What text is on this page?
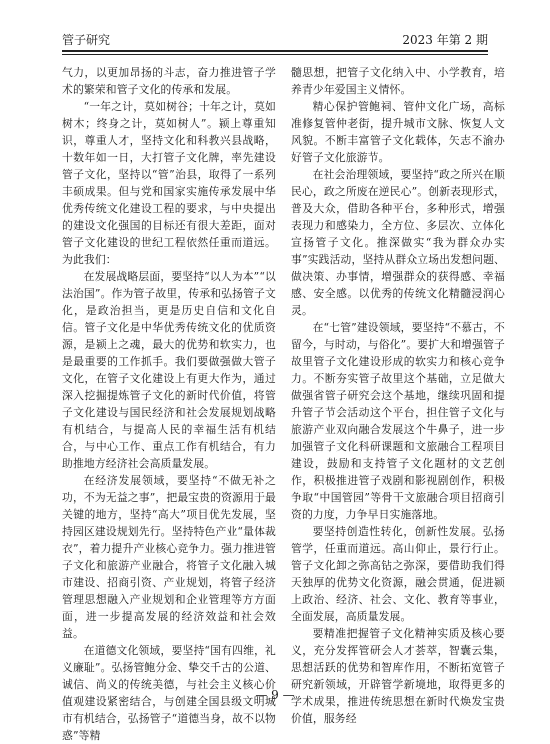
管子研究	2023 年第 2 期

气力，以更加昂扬的斗志，奋力推进管子学术的繁荣和管子文化的传承和发展。

“一年之计，莫如树谷；十年之计，莫如树木；终身之计，莫如树人”。颍上尊重知识，尊重人才，坚持文化和科教兴县战略，十数年如一日，大打管子文化牌，率先建设管子文化，坚持以“管”治县，取得了一系列丰硕成果。但与党和国家实施传承发展中华优秀传统文化建设工程的要求，与中央提出的建设文化强国的目标还有很大差距，面对管子文化建设的世纪工程依然任重而道远。为此我们：

在发展战略层面，要坚持“以人为本”“以法治国”。作为管子故里，传承和弘扬管子文化，是政治担当，更是历史自信和文化自信。管子文化是中华优秀传统文化的优质资源，是颍上之魂，最大的优势和软实力，也是最重要的工作抓手。我们要做强做大管子文化，在管子文化建设上有更大作为，通过深入挖掘提炼管子文化的新时代价值，将管子文化建设与国民经济和社会发展规划战略有机结合，与提高人民的幸福生活有机结合，与中心工作、重点工作有机结合，有力助推地方经济社会高质量发展。

在经济发展领域，要坚持“不做无补之功，不为无益之事”，把最宝贵的资源用于最关键的地方，坚持“高大”项目优先发展，坚持园区建设规划先行。坚持特色产业“量体裁衣”，着力提升产业核心竞争力。强力推进管子文化和旅游产业融合，将管子文化融入城市建设、招商引资、产业规划，将管子经济管理思想融入产业规划和企业管理等方方面面，进一步提高发展的经济效益和社会效益。

在道德文化领域，要坚持“国有四维，礼义廉耻”。弘扬管鲍分金、挚交千古的公道、诚信、尚义的传统美德，与社会主义核心价值观建设紧密结合，与创建全国县级文明城市有机结合，弘扬管子“道德当身，故不以物惑”等精

髓思想，把管子文化纳入中、小学教育，培养青少年爱国主义情怀。

精心保护管鲍祠、管仲文化广场，高标准修复管仲老街，提升城市文脉、恢复人文风貌。不断丰富管子文化载体，矢志不渝办好管子文化旅游节。

在社会治理领域，要坚持“政之所兴在顺民心，政之所废在逆民心”。创新表现形式，普及大众，借助各种平台，多种形式，增强表现力和感染力，全方位、多层次、立体化宣扬管子文化。推深做实“我为群众办实事”实践活动，坚持从群众立场出发想问题、做决策、办事情，增强群众的获得感、幸福感、安全感。以优秀的传统文化精髓浸润心灵。

在“七管”建设领域，要坚持“不慕古，不留今，与时动，与俗化”。要扩大和增强管子故里管子文化建设形成的软实力和核心竞争力。不断夯实管子故里这个基础，立足做大做强省管子研究会这个基地，继续巩固和提升管子节会活动这个平台，担住管子文化与旅游产业双向融合发展这个牛鼻子，进一步加强管子文化科研课题和文旅融合工程项目建设，鼓励和支持管子文化题材的文艺创作，积极推进管子戏剧和影视剧创作，积极争取“中国管园”等骨干文旅融合项目招商引资的力度，力争早日实施落地。

要坚持创造性转化，创新性发展。弘扬管学，任重而道远。高山仰止，景行行止。管子文化卸之弥高钻之弥深，要借助我们得天独厚的优势文化资源，融会贯通，促进颍上政治、经济、社会、文化、教育等事业，全面发展，高质量发展。

要精准把握管子文化精神实质及核心要义，充分发挥管研会人才荟萃，智囊云集，思想活跃的优势和智库作用，不断拓宽管子研究新领域，开辟管学新境地，取得更多的学术成果，推进传统思想在新时代焕发宝贵价值，服务经

— 9 —
